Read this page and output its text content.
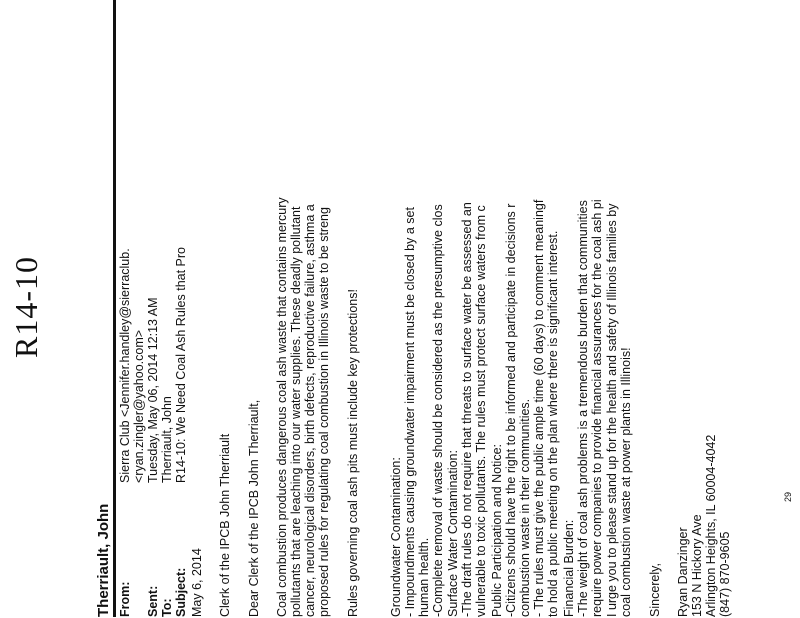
R14-10
Therriault, John From:
Sierra Club <Jennifer.handley@sierraclub. <ryan.zingler@yahoo.com>
Sent:
Tuesday, May 06, 2014 12:13 AM
To:
Therriault, John
Subject:
R14-10: We Need Coal Ash Rules that Pro
May 6, 2014 Clerk of the IPCB John Therriault Dear Clerk of the IPCB John Therriault, Coal combustion produces dangerous coal ash waste that contains mercury pollutants that are leaching into our water supplies. These deadly pollutant cancer, neurological disorders, birth defects, reproductive failure, asthma a proposed rules for regulating coal combustion in Illinois waste to be streng Rules governing coal ash pits must include key protections! Groundwater Contamination: - Impoundments causing groundwater impairment must be closed by a set human health. -Complete removal of waste should be considered as the presumptive clos Surface Water Contamination: -The draft rules do not require that threats to surface water be assessed an vulnerable to toxic pollutants. The rules must protect surface waters from c Public Participation and Notice: -Citizens should have the right to be informed and participate in decisions r combustion waste in their communities. - The rules must give the public ample time (60 days) to comment meaningf to hold a public meeting on the plan where there is significant interest. Financial Burden: -The weight of coal ash problems is a tremendous burden that communities require power companies to provide financial assurances for the coal ash pi I urge you to please stand up for the health and safety of Illinois families by coal combustion waste at power plants in Illinois! Sincerely, Ryan Danzinger 153 N Hickory Ave Arlington Heights, IL 60004-4042 (847) 870-9605
29
